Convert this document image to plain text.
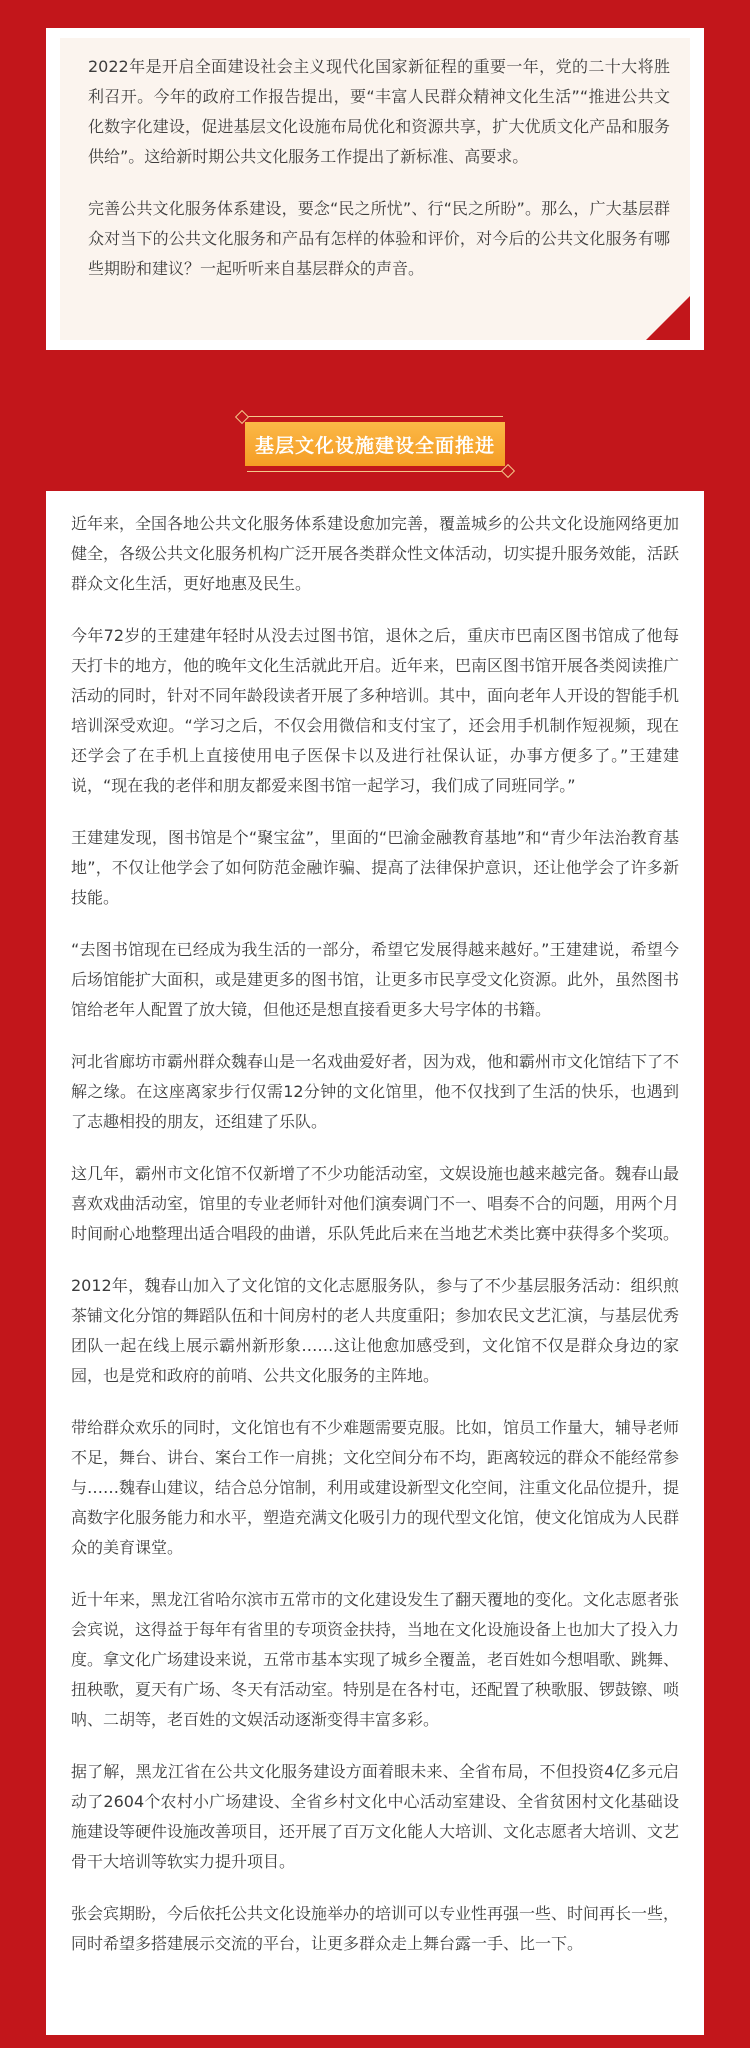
2022年是开启全面建设社会主义现代化国家新征程的重要一年，党的二十大将胜利召开。今年的政府工作报告提出，要“丰富人民群众精神文化生活”“推进公共文化数字化建设，促进基层文化设施布局优化和资源共享，扩大优质文化产品和服务供给”。这给新时期公共文化服务工作提出了新标准、高要求。

完善公共文化服务体系建设，要念“民之所忧”、行“民之所盼”。那么，广大基层群众对当下的公共文化服务和产品有怎样的体验和评价，对今后的公共文化服务有哪些期盼和建议？一起听听来自基层群众的声音。

基层文化设施建设全面推进

近年来，全国各地公共文化服务体系建设愈加完善，覆盖城乡的公共文化设施网络更加健全，各级公共文化服务机构广泛开展各类群众性文体活动，切实提升服务效能，活跃群众文化生活，更好地惠及民生。

今年72岁的王建建年轻时从没去过图书馆，退休之后，重庆市巴南区图书馆成了他每天打卡的地方，他的晚年文化生活就此开启。近年来，巴南区图书馆开展各类阅读推广活动的同时，针对不同年龄段读者开展了多种培训。其中，面向老年人开设的智能手机培训深受欢迎。“学习之后，不仅会用微信和支付宝了，还会用手机制作短视频，现在还学会了在手机上直接使用电子医保卡以及进行社保认证，办事方便多了。”王建建说，“现在我的老伴和朋友都爱来图书馆一起学习，我们成了同班同学。”

王建建发现，图书馆是个“聚宝盆”，里面的“巴渝金融教育基地”和“青少年法治教育基地”，不仅让他学会了如何防范金融诈骗、提高了法律保护意识，还让他学会了许多新技能。

“去图书馆现在已经成为我生活的一部分，希望它发展得越来越好。”王建建说，希望今后场馆能扩大面积，或是建更多的图书馆，让更多市民享受文化资源。此外，虽然图书馆给老年人配置了放大镜，但他还是想直接看更多大号字体的书籍。

河北省廊坊市霸州群众魏春山是一名戏曲爱好者，因为戏，他和霸州市文化馆结下了不解之缘。在这座离家步行仅需12分钟的文化馆里，他不仅找到了生活的快乐，也遇到了志趣相投的朋友，还组建了乐队。

这几年，霸州市文化馆不仅新增了不少功能活动室，文娱设施也越来越完备。魏春山最喜欢戏曲活动室，馆里的专业老师针对他们演奏调门不一、唱奏不合的问题，用两个月时间耐心地整理出适合唱段的曲谱，乐队凭此后来在当地艺术类比赛中获得多个奖项。

2012年，魏春山加入了文化馆的文化志愿服务队，参与了不少基层服务活动：组织煎茶铺文化分馆的舞蹈队伍和十间房村的老人共度重阳；参加农民文艺汇演，与基层优秀团队一起在线上展示霸州新形象……这让他愈加感受到，文化馆不仅是群众身边的家园，也是党和政府的前哨、公共文化服务的主阵地。

带给群众欢乐的同时，文化馆也有不少难题需要克服。比如，馆员工作量大，辅导老师不足，舞台、讲台、案台工作一肩挑；文化空间分布不均，距离较远的群众不能经常参与……魏春山建议，结合总分馆制，利用或建设新型文化空间，注重文化品位提升，提高数字化服务能力和水平，塑造充满文化吸引力的现代型文化馆，使文化馆成为人民群众的美育课堂。

近十年来，黑龙江省哈尔滨市五常市的文化建设发生了翻天覆地的变化。文化志愿者张会宾说，这得益于每年有省里的专项资金扶持，当地在文化设施设备上也加大了投入力度。拿文化广场建设来说，五常市基本实现了城乡全覆盖，老百姓如今想唱歌、跳舞、扭秧歌，夏天有广场、冬天有活动室。特别是在各村屯，还配置了秧歌服、锣鼓镲、唢呐、二胡等，老百姓的文娱活动逐渐变得丰富多彩。

据了解，黑龙江省在公共文化服务建设方面着眼未来、全省布局，不但投资4亿多元启动了2604个农村小广场建设、全省乡村文化中心活动室建设、全省贫困村文化基础设施建设等硬件设施改善项目，还开展了百万文化能人大培训、文化志愿者大培训、文艺骨干大培训等软实力提升项目。

张会宾期盼，今后依托公共文化设施举办的培训可以专业性再强一些、时间再长一些，同时希望多搭建展示交流的平台，让更多群众走上舞台露一手、比一下。
